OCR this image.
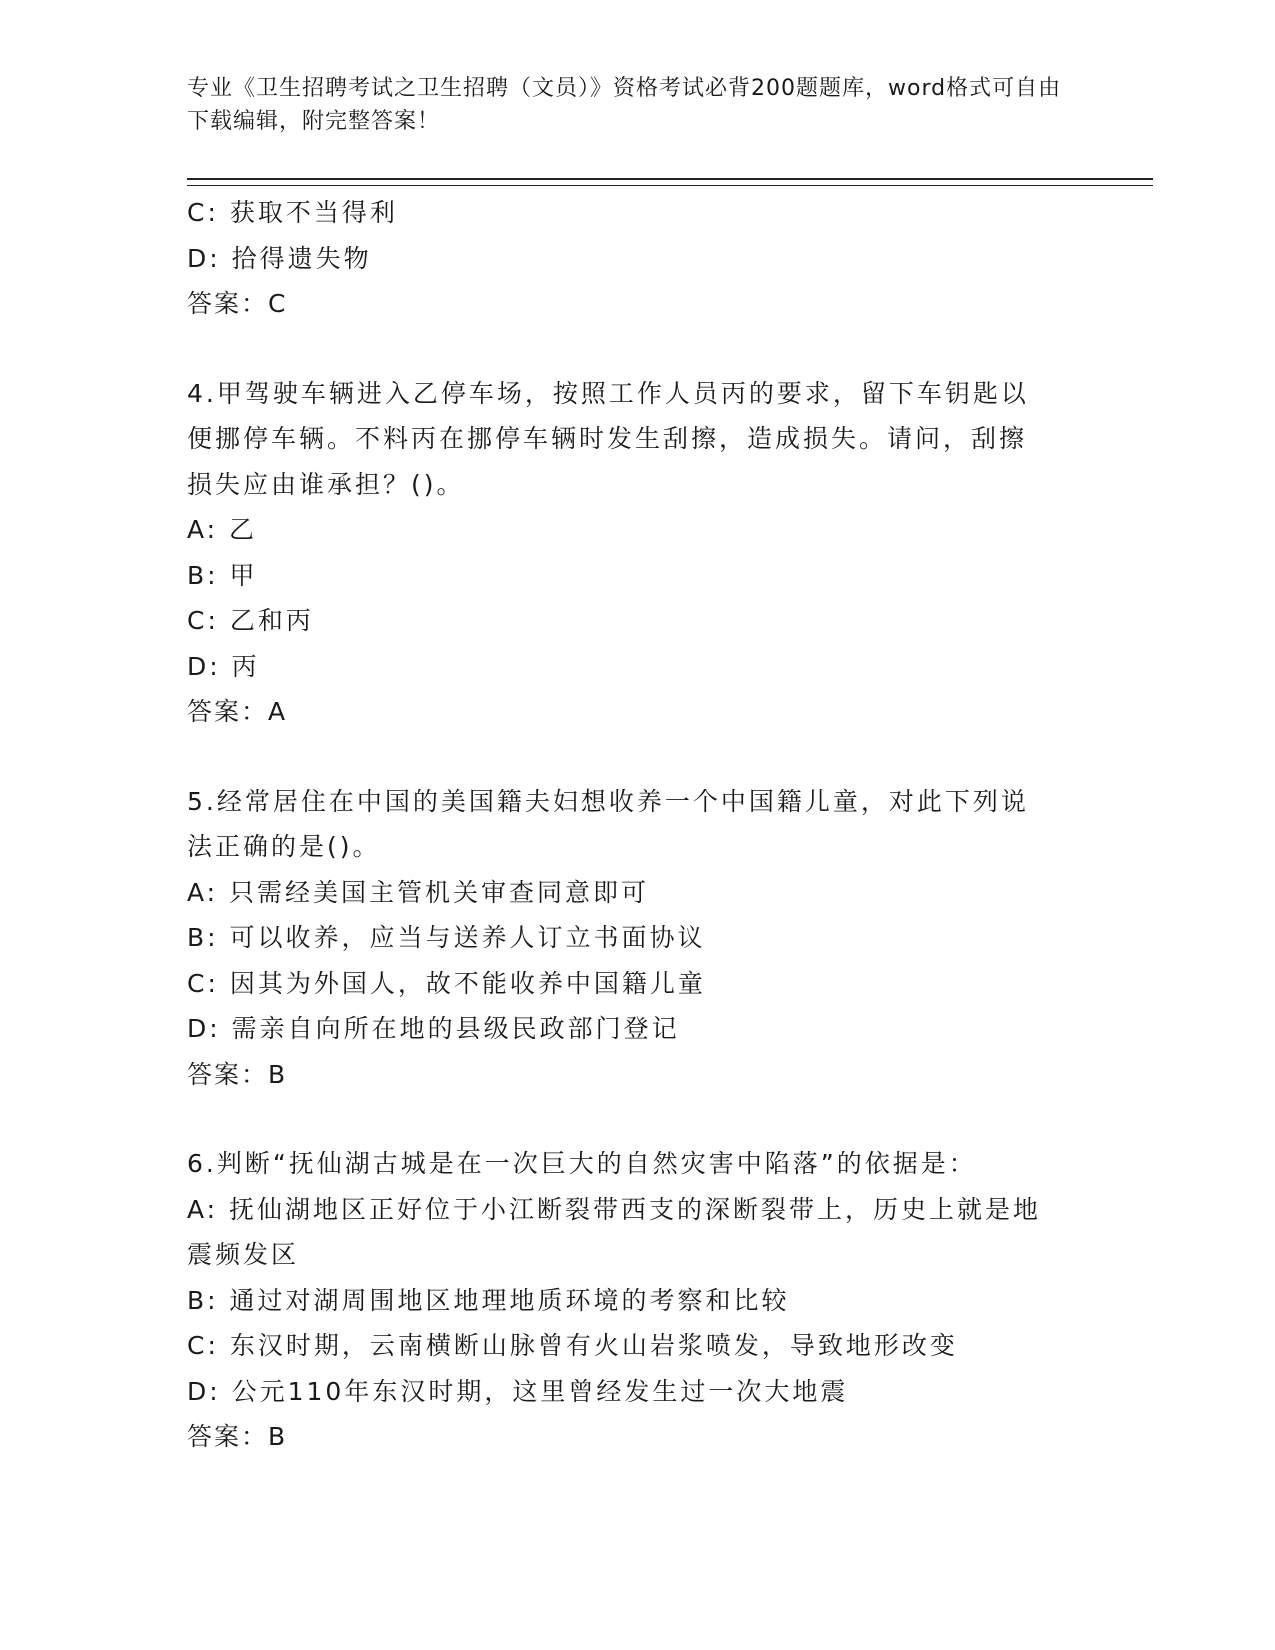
专业《卫生招聘考试之卫生招聘（文员）》资格考试必背200题题库，word格式可自由下载编辑，附完整答案！
C: 获取不当得利
D: 拾得遗失物
答案：C
4.甲驾驶车辆进入乙停车场，按照工作人员丙的要求，留下车钥匙以
便挪停车辆。不料丙在挪停车辆时发生刮擦，造成损失。请问，刮擦
损失应由谁承担？()。
A: 乙
B: 甲
C: 乙和丙
D: 丙
答案：A
5.经常居住在中国的美国籍夫妇想收养一个中国籍儿童，对此下列说
法正确的是()。
A: 只需经美国主管机关审查同意即可
B: 可以收养，应当与送养人订立书面协议
C: 因其为外国人，故不能收养中国籍儿童
D: 需亲自向所在地的县级民政部门登记
答案：B
6.判断“抚仙湖古城是在一次巨大的自然灾害中陷落”的依据是：
A: 抚仙湖地区正好位于小江断裂带西支的深断裂带上，历史上就是地
震频发区
B: 通过对湖周围地区地理地质环境的考察和比较
C: 东汉时期，云南横断山脉曾有火山岩浆喷发，导致地形改变
D: 公元110年东汉时期，这里曾经发生过一次大地震
答案：B
